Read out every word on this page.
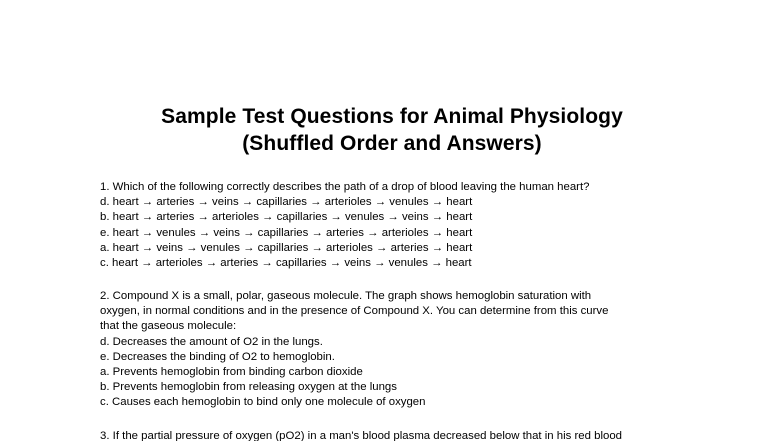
Sample Test Questions for Animal Physiology
(Shuffled Order and Answers)
1. Which of the following correctly describes the path of a drop of blood leaving the human heart?
d. heart → arteries → veins → capillaries → arterioles → venules → heart
b. heart → arteries → arterioles → capillaries → venules → veins → heart
e. heart → venules → veins → capillaries → arteries → arterioles → heart
a. heart → veins → venules → capillaries → arterioles → arteries → heart
c. heart → arterioles → arteries → capillaries → veins → venules → heart
2. Compound X is a small, polar, gaseous molecule. The graph shows hemoglobin saturation with
oxygen, in normal conditions and in the presence of Compound X. You can determine from this curve
that the gaseous molecule:
d. Decreases the amount of O2 in the lungs.
e. Decreases the binding of O2 to hemoglobin.
a. Prevents hemoglobin from binding carbon dioxide
b. Prevents hemoglobin from releasing oxygen at the lungs
c. Causes each hemoglobin to bind only one molecule of oxygen
3. If the partial pressure of oxygen (pO2) in a man's blood plasma decreased below that in his red blood
